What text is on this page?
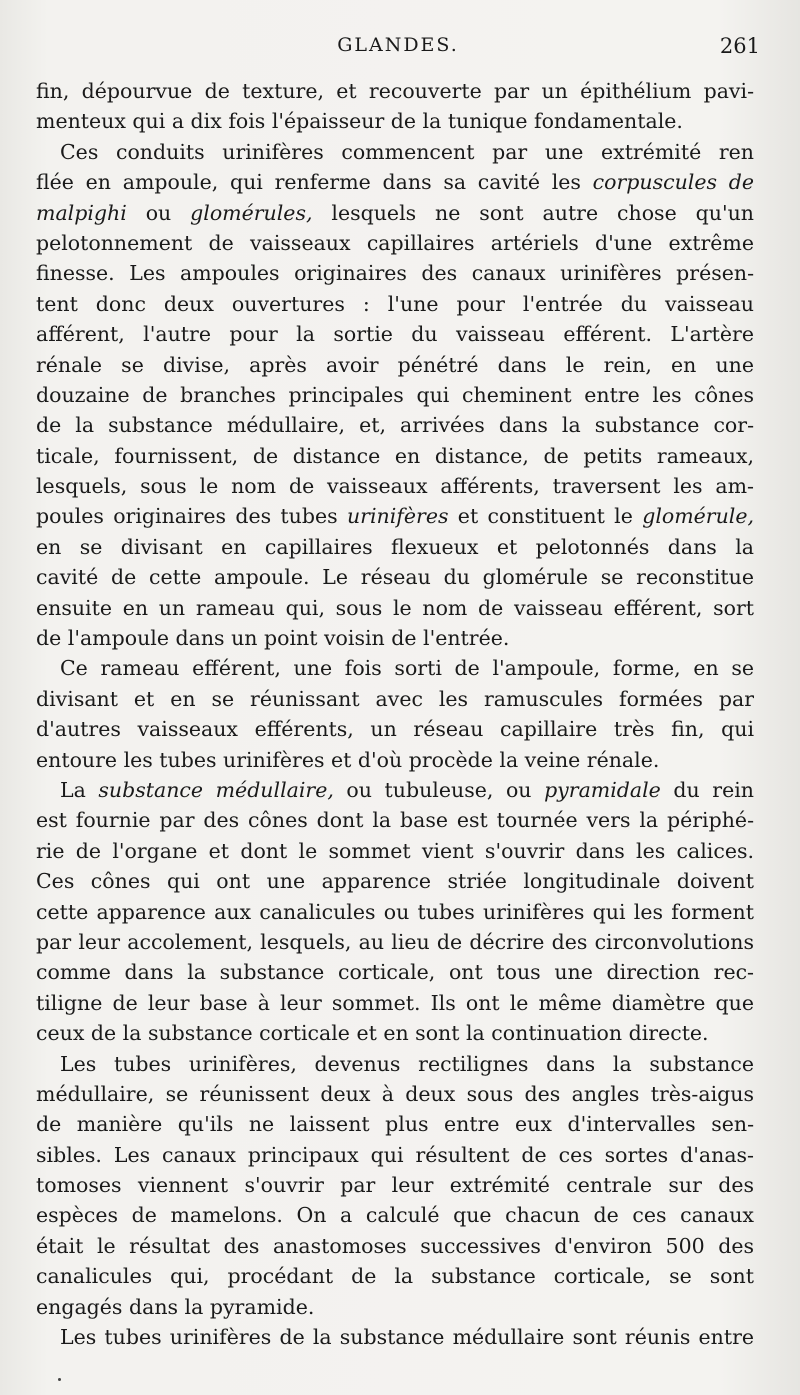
GLANDES.	261
fin, dépourvue de texture, et recouverte par un épithélium pavi-
menteux qui a dix fois l'épaisseur de la tunique fondamentale.
Ces conduits urinifères commencent par une extrémité ren
flée en ampoule, qui renferme dans sa cavité les corpuscules de
malpighi ou glomérules, lesquels ne sont autre chose qu'un
pelotonnement de vaisseaux capillaires artériels d'une extrême
finesse. Les ampoules originaires des canaux urinifères présen-
tent donc deux ouvertures : l'une pour l'entrée du vaisseau
afférent, l'autre pour la sortie du vaisseau efférent. L'artère
rénale se divise, après avoir pénétré dans le rein, en une
douzaine de branches principales qui cheminent entre les cônes
de la substance médullaire, et, arrivées dans la substance cor-
ticale, fournissent, de distance en distance, de petits rameaux,
lesquels, sous le nom de vaisseaux afférents, traversent les am-
poules originaires des tubes urinifères et constituent le glomérule,
en se divisant en capillaires flexueux et pelotonnés dans la
cavité de cette ampoule. Le réseau du glomérule se reconstitue
ensuite en un rameau qui, sous le nom de vaisseau efférent, sort
de l'ampoule dans un point voisin de l'entrée.
Ce rameau efférent, une fois sorti de l'ampoule, forme, en se
divisant et en se réunissant avec les ramuscules formées par
d'autres vaisseaux efférents, un réseau capillaire très fin, qui
entoure les tubes urinifères et d'où procède la veine rénale.
La substance médullaire, ou tubuleuse, ou pyramidale du rein
est fournie par des cônes dont la base est tournée vers la périphé-
rie de l'organe et dont le sommet vient s'ouvrir dans les calices.
Ces cônes qui ont une apparence striée longitudinale doivent
cette apparence aux canalicules ou tubes urinifères qui les forment
par leur accolement, lesquels, au lieu de décrire des circonvolutions
comme dans la substance corticale, ont tous une direction rec-
tiligne de leur base à leur sommet. Ils ont le même diamètre que
ceux de la substance corticale et en sont la continuation directe.
Les tubes urinifères, devenus rectilignes dans la substance
médullaire, se réunissent deux à deux sous des angles très-aigus
de manière qu'ils ne laissent plus entre eux d'intervalles sen-
sibles. Les canaux principaux qui résultent de ces sortes d'anas-
tomoses viennent s'ouvrir par leur extrémité centrale sur des
espèces de mamelons. On a calculé que chacun de ces canaux
était le résultat des anastomoses successives d'environ 500 des
canalicules qui, procédant de la substance corticale, se sont
engagés dans la pyramide.
Les tubes urinifères de la substance médullaire sont réunis entre
